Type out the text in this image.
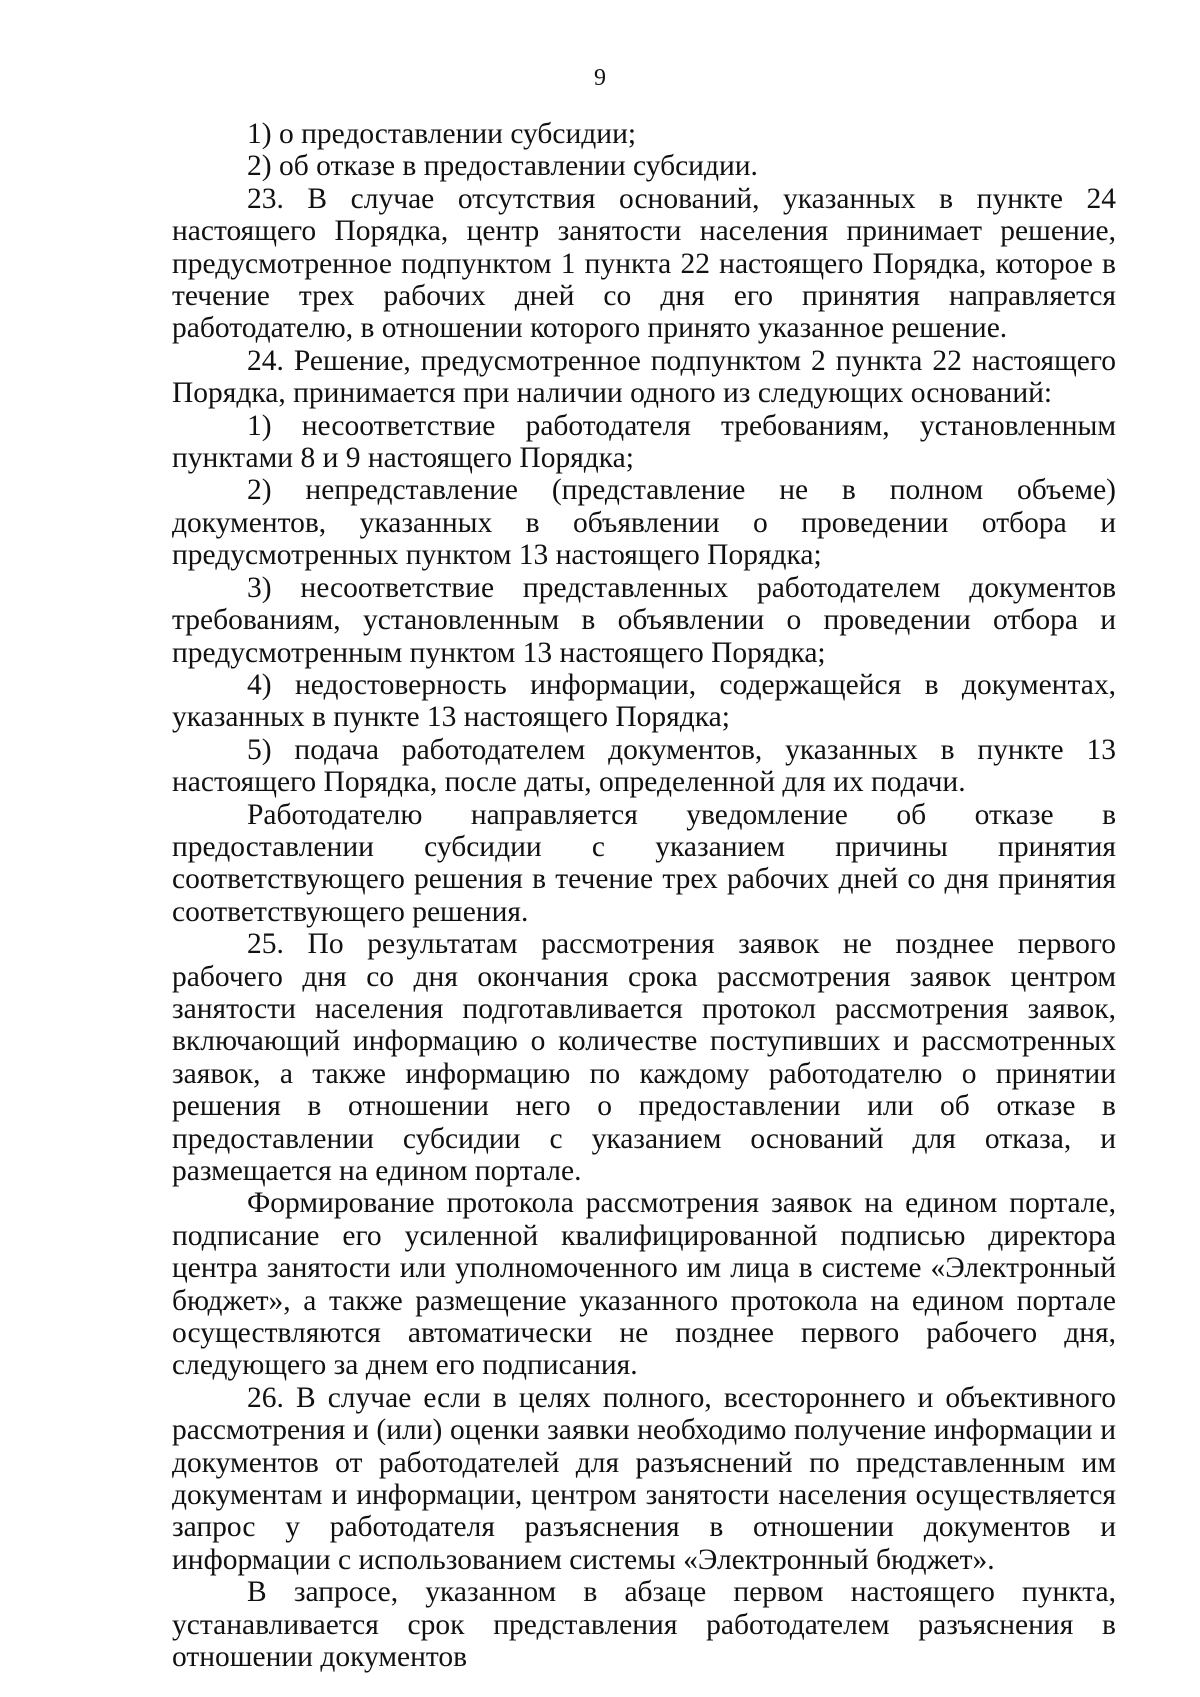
9

1) о предоставлении субсидии;

2) об отказе в предоставлении субсидии.

23. В случае отсутствия оснований, указанных в пункте 24 настоящего Порядка, центр занятости населения принимает решение, предусмотренное подпунктом 1 пункта 22 настоящего Порядка, которое в течение трех рабочих дней со дня его принятия направляется работодателю, в отношении которого принято указанное решение.

24. Решение, предусмотренное подпунктом 2 пункта 22 настоящего Порядка, принимается при наличии одного из следующих оснований:

1) несоответствие работодателя требованиям, установленным пунктами 8 и 9 настоящего Порядка;

2) непредставление (представление не в полном объеме) документов, указанных в объявлении о проведении отбора и предусмотренных пунктом 13 настоящего Порядка;

3) несоответствие представленных работодателем документов требованиям, установленным в объявлении о проведении отбора и предусмотренным пунктом 13 настоящего Порядка;

4) недостоверность информации, содержащейся в документах, указанных в пункте 13 настоящего Порядка;

5) подача работодателем документов, указанных в пункте 13 настоящего Порядка, после даты, определенной для их подачи.

Работодателю направляется уведомление об отказе в предоставлении субсидии с указанием причины принятия соответствующего решения в течение трех рабочих дней со дня принятия соответствующего решения.

25. По результатам рассмотрения заявок не позднее первого рабочего дня со дня окончания срока рассмотрения заявок центром занятости населения подготавливается протокол рассмотрения заявок, включающий информацию о количестве поступивших и рассмотренных заявок, а также информацию по каждому работодателю о принятии решения в отношении него о предоставлении или об отказе в предоставлении субсидии с указанием оснований для отказа, и размещается на едином портале.

Формирование протокола рассмотрения заявок на едином портале, подписание его усиленной квалифицированной подписью директора центра занятости или уполномоченного им лица в системе «Электронный бюджет», а также размещение указанного протокола на едином портале осуществляются автоматически не позднее первого рабочего дня, следующего за днем его подписания.

26. В случае если в целях полного, всестороннего и объективного рассмотрения и (или) оценки заявки необходимо получение информации и документов от работодателей для разъяснений по представленным им документам и информации, центром занятости населения осуществляется запрос у работодателя разъяснения в отношении документов и информации с использованием системы «Электронный бюджет».

В запросе, указанном в абзаце первом настоящего пункта, устанавливается срок представления работодателем разъяснения в отношении документов
